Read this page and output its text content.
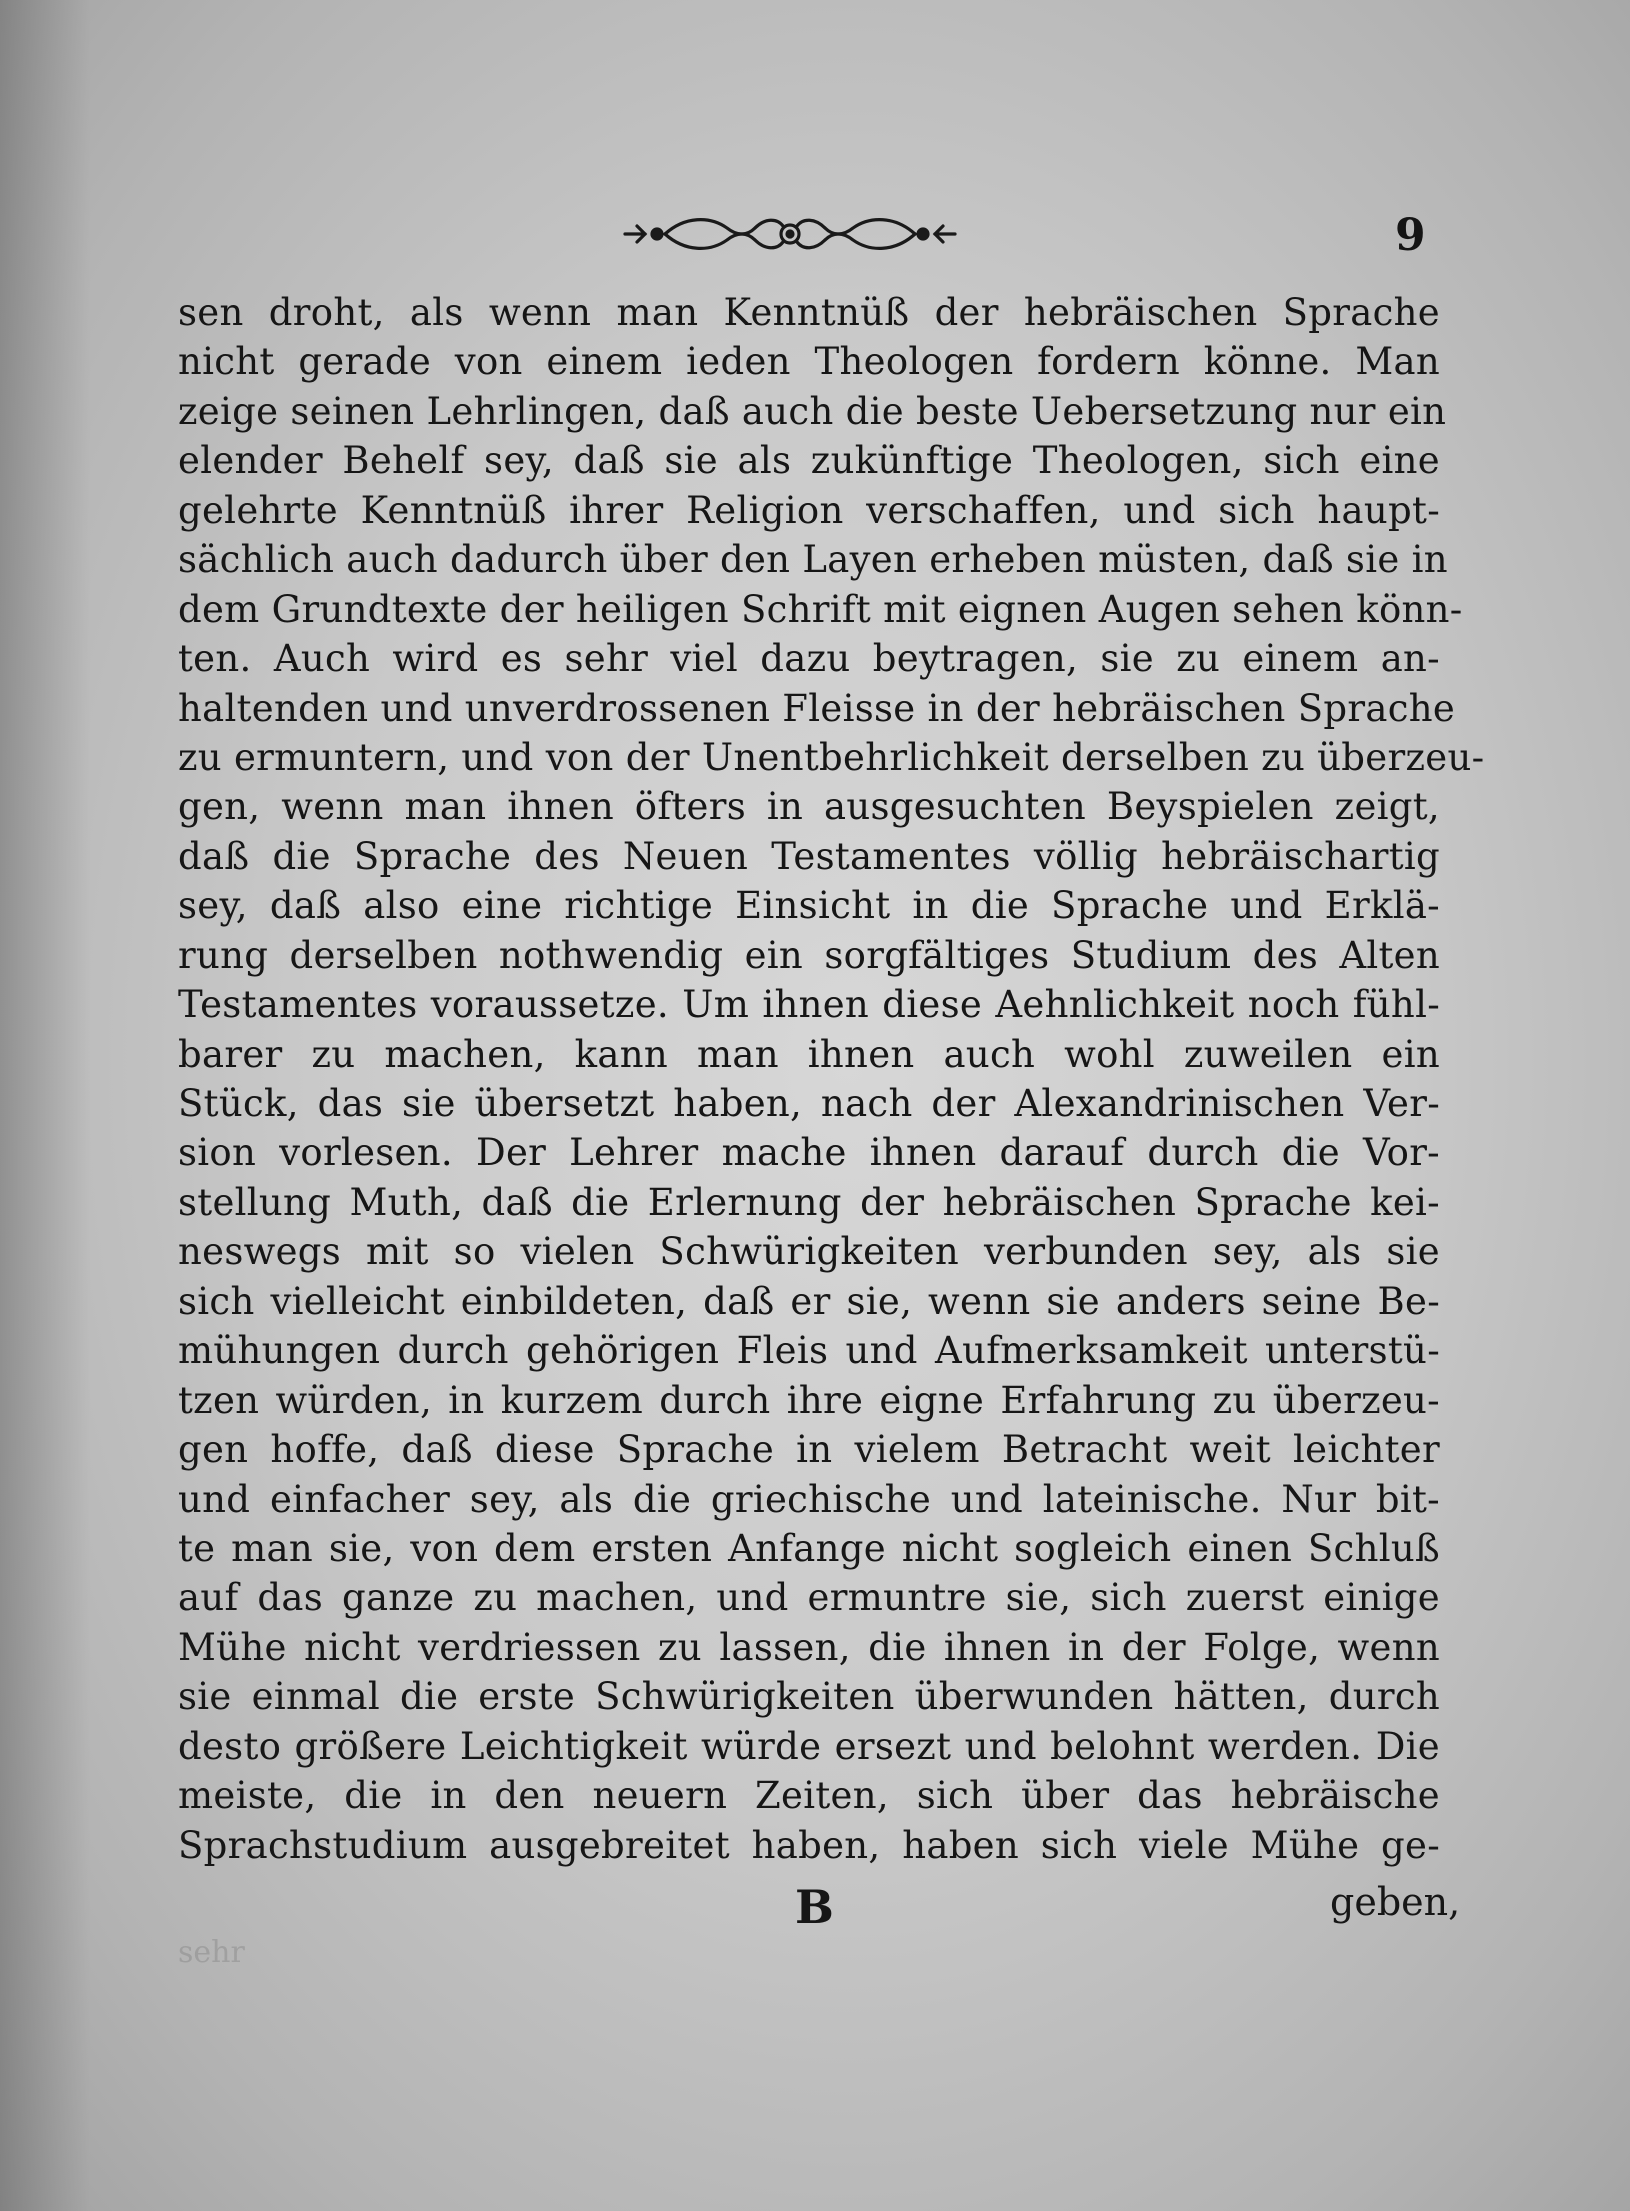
9
sen droht, als wenn man Kenntnüß der hebräischen Sprache
nicht gerade von einem ieden Theologen fordern könne. Man
zeige seinen Lehrlingen, daß auch die beste Uebersetzung nur ein
elender Behelf sey, daß sie als zukünftige Theologen, sich eine
gelehrte Kenntnüß ihrer Religion verschaffen, und sich haupt-
sächlich auch dadurch über den Layen erheben müsten, daß sie in
dem Grundtexte der heiligen Schrift mit eignen Augen sehen könn-
ten. Auch wird es sehr viel dazu beytragen, sie zu einem an-
haltenden und unverdrossenen Fleisse in der hebräischen Sprache
zu ermuntern, und von der Unentbehrlichkeit derselben zu überzeu-
gen, wenn man ihnen öfters in ausgesuchten Beyspielen zeigt,
daß die Sprache des Neuen Testamentes völlig hebräischartig
sey, daß also eine richtige Einsicht in die Sprache und Erklä-
rung derselben nothwendig ein sorgfältiges Studium des Alten
Testamentes voraussetze. Um ihnen diese Aehnlichkeit noch fühl-
barer zu machen, kann man ihnen auch wohl zuweilen ein
Stück, das sie übersetzt haben, nach der Alexandrinischen Ver-
sion vorlesen. Der Lehrer mache ihnen darauf durch die Vor-
stellung Muth, daß die Erlernung der hebräischen Sprache kei-
neswegs mit so vielen Schwürigkeiten verbunden sey, als sie
sich vielleicht einbildeten, daß er sie, wenn sie anders seine Be-
mühungen durch gehörigen Fleis und Aufmerksamkeit unterstü-
tzen würden, in kurzem durch ihre eigne Erfahrung zu überzeu-
gen hoffe, daß diese Sprache in vielem Betracht weit leichter
und einfacher sey, als die griechische und lateinische. Nur bit-
te man sie, von dem ersten Anfange nicht sogleich einen Schluß
auf das ganze zu machen, und ermuntre sie, sich zuerst einige
Mühe nicht verdriessen zu lassen, die ihnen in der Folge, wenn
sie einmal die erste Schwürigkeiten überwunden hätten, durch
desto größere Leichtigkeit würde ersezt und belohnt werden. Die
meiste, die in den neuern Zeiten, sich über das hebräische
Sprachstudium ausgebreitet haben, haben sich viele Mühe ge-
B	geben,
sehr
